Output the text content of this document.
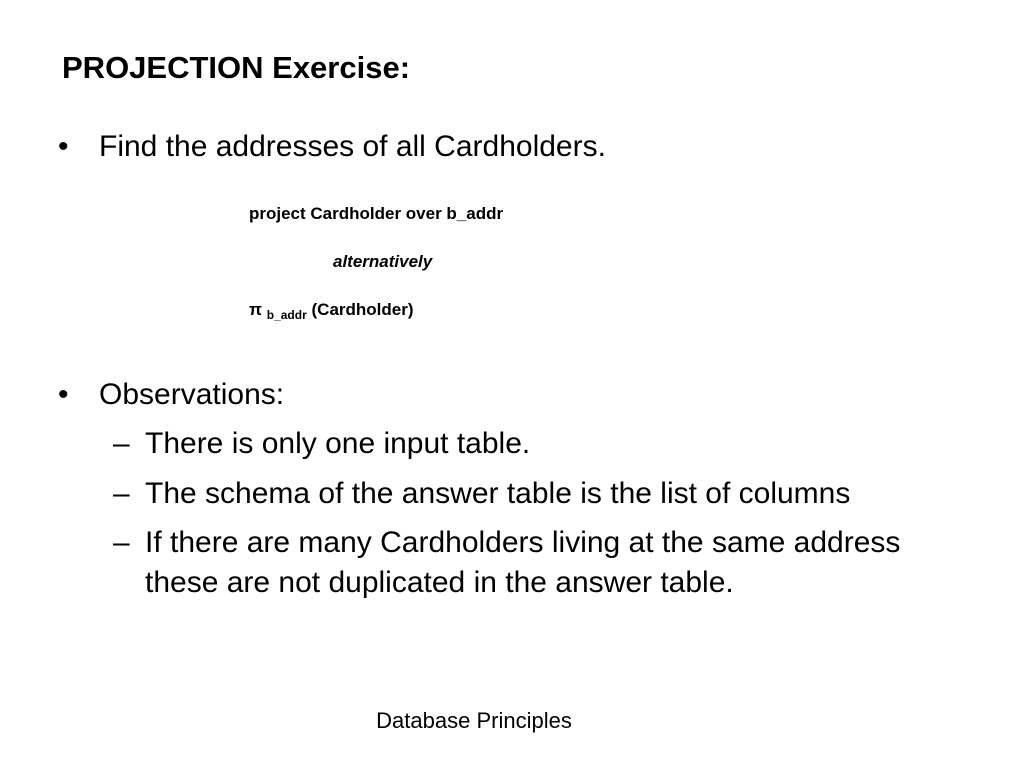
PROJECTION Exercise:
• Find the addresses of all Cardholders.
project Cardholder over b_addr
alternatively
π $_{b\_addr}$ (Cardholder)
• Observations:
– There is only one input table.
– The schema of the answer table is the list of columns
– If there are many Cardholders living at the same address these are not duplicated in the answer table.
Database Principles
